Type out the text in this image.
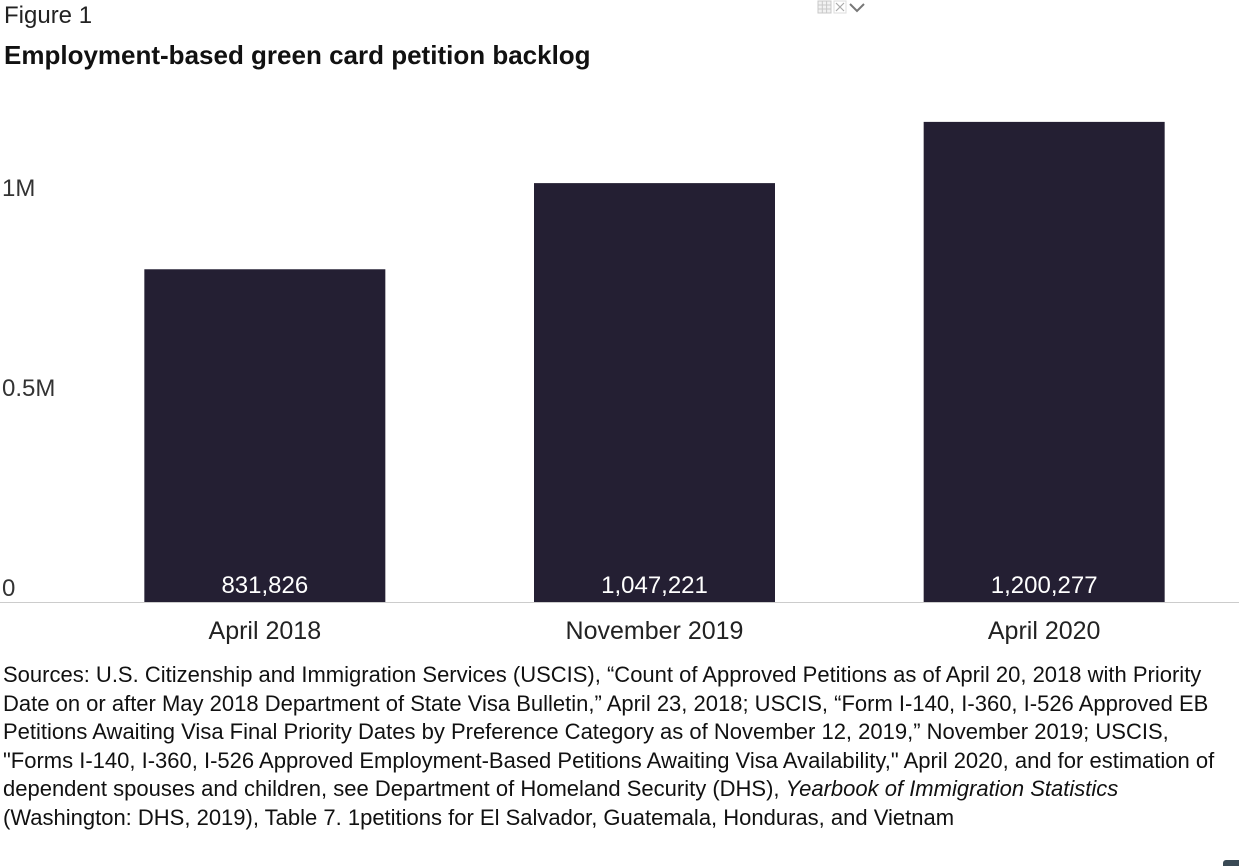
Figure 1
Employment-based green card petition backlog
0
0.5M
1M
831,826	1,047,221	1,200,277
April 2018	November 2019	April 2020
Sources: U.S. Citizenship and Immigration Services (USCIS), “Count of Approved Petitions as of April 20, 2018 with Priority Date on or after May 2018 Department of State Visa Bulletin,” April 23, 2018; USCIS, “Form I-140, I-360, I-526 Approved EB Petitions Awaiting Visa Final Priority Dates by Preference Category as of November 12, 2019,” November 2019; USCIS, "Forms I-140, I-360, I-526 Approved Employment-Based Petitions Awaiting Visa Availability," April 2020, and for estimation of dependent spouses and children, see Department of Homeland Security (DHS), Yearbook of Immigration Statistics (Washington: DHS, 2019), Table 7. 1petitions for El Salvador, Guatemala, Honduras, and Vietnam
